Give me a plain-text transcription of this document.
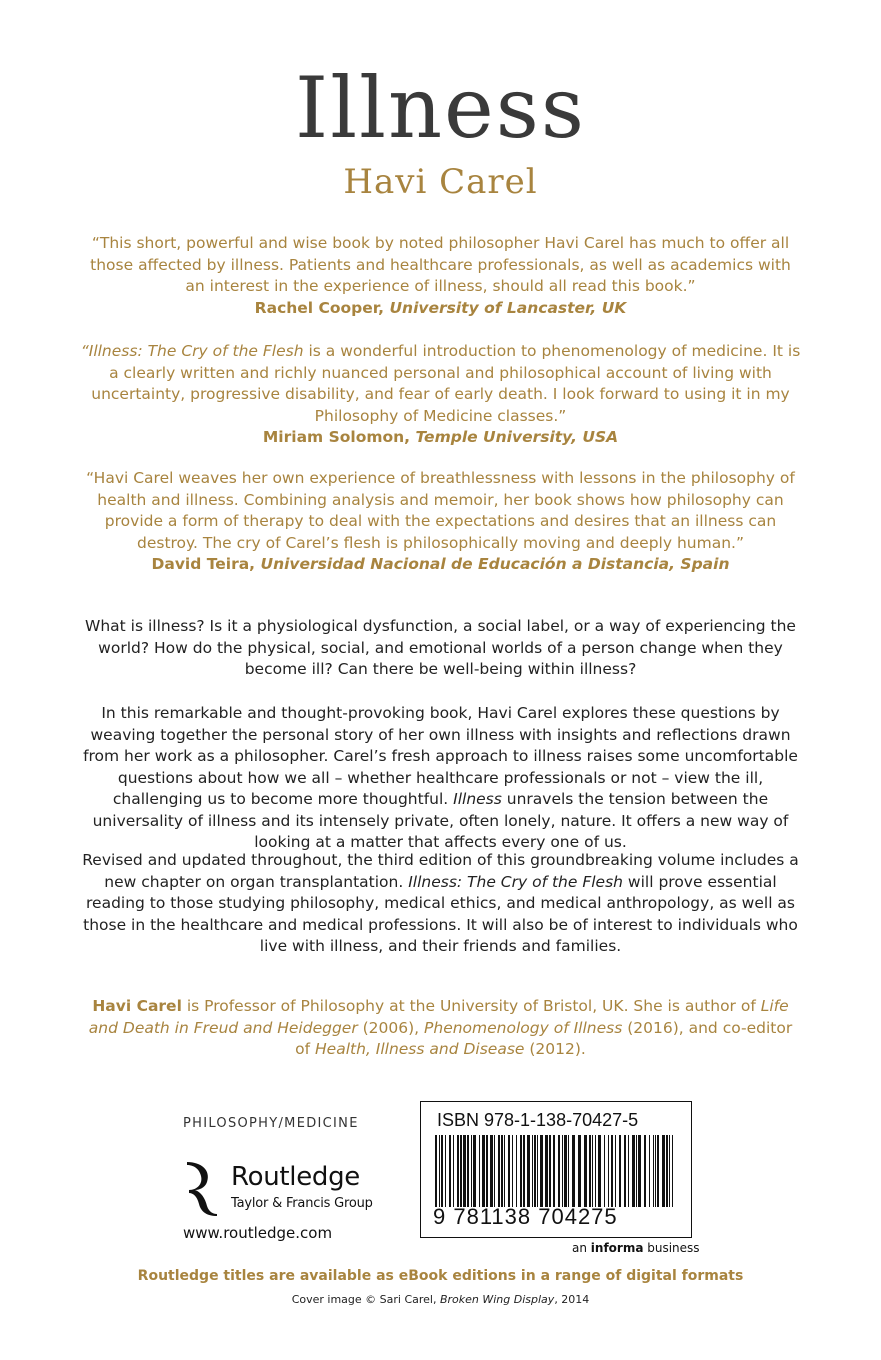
Illness
Havi Carel
“This short, powerful and wise book by noted philosopher Havi Carel has much to offer all those affected by illness. Patients and healthcare professionals, as well as academics with an interest in the experience of illness, should all read this book.”
Rachel Cooper, University of Lancaster, UK
“Illness: The Cry of the Flesh is a wonderful introduction to phenomenology of medicine. It is a clearly written and richly nuanced personal and philosophical account of living with uncertainty, progressive disability, and fear of early death. I look forward to using it in my Philosophy of Medicine classes.”
Miriam Solomon, Temple University, USA
“Havi Carel weaves her own experience of breathlessness with lessons in the philosophy of health and illness. Combining analysis and memoir, her book shows how philosophy can provide a form of therapy to deal with the expectations and desires that an illness can destroy. The cry of Carel’s flesh is philosophically moving and deeply human.”
David Teira, Universidad Nacional de Educación a Distancia, Spain
What is illness? Is it a physiological dysfunction, a social label, or a way of experiencing the world? How do the physical, social, and emotional worlds of a person change when they become ill? Can there be well-being within illness?
In this remarkable and thought-provoking book, Havi Carel explores these questions by weaving together the personal story of her own illness with insights and reflections drawn from her work as a philosopher. Carel’s fresh approach to illness raises some uncomfortable questions about how we all – whether healthcare professionals or not – view the ill, challenging us to become more thoughtful. Illness unravels the tension between the universality of illness and its intensely private, often lonely, nature. It offers a new way of looking at a matter that affects every one of us.
Revised and updated throughout, the third edition of this groundbreaking volume includes a new chapter on organ transplantation. Illness: The Cry of the Flesh will prove essential reading to those studying philosophy, medical ethics, and medical anthropology, as well as those in the healthcare and medical professions. It will also be of interest to individuals who live with illness, and their friends and families.
Havi Carel is Professor of Philosophy at the University of Bristol, UK. She is author of Life and Death in Freud and Heidegger (2006), Phenomenology of Illness (2016), and co-editor of Health, Illness and Disease (2012).
PHILOSOPHY/MEDICINE
Routledge
Taylor & Francis Group
www.routledge.com
ISBN 978-1-138-70427-5
9 781138 704275
an informa business
Routledge titles are available as eBook editions in a range of digital formats
Cover image © Sari Carel, Broken Wing Display, 2014
